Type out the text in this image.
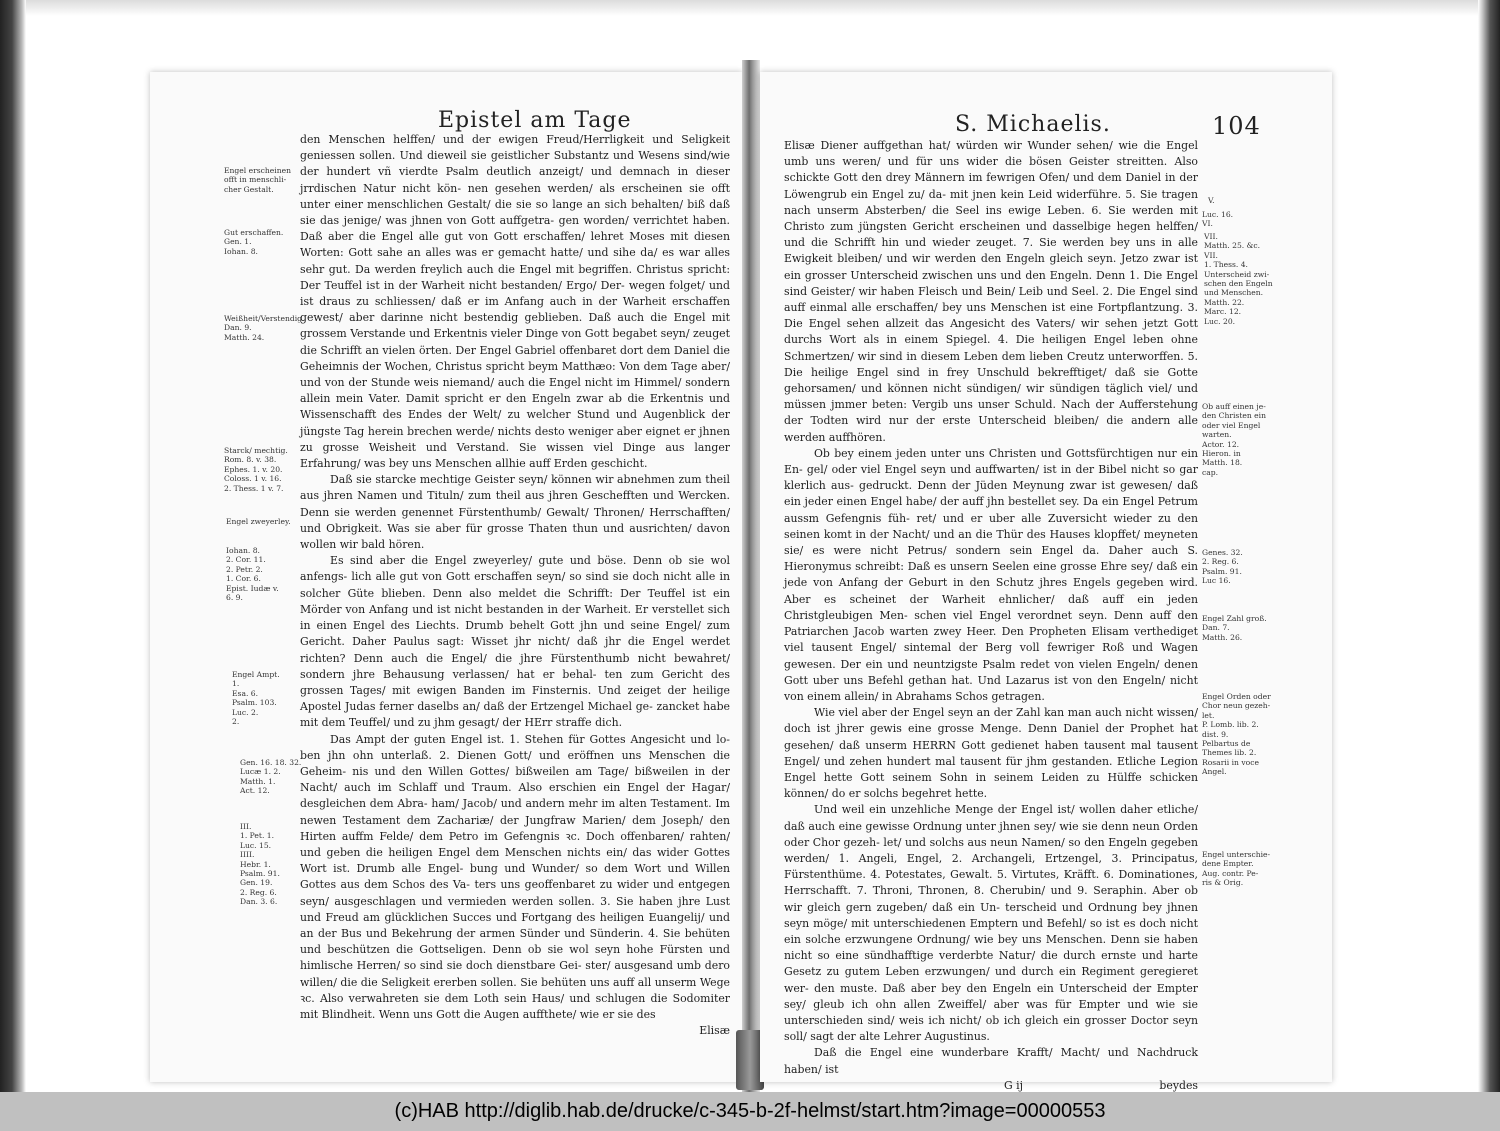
Epistel am Tage

den Menschen helffen/ und der ewigen Freud/Herrligkeit und Seligkeit geniessen sollen. Und dieweil sie geistlicher Substantz und Wesens sind/wie der hundert vñ vierdte Psalm deutlich anzeigt/ und demnach in dieser jrrdischen Natur nicht kön- nen gesehen werden/ als erscheinen sie offt unter einer menschlichen Gestalt/ die sie so lange an sich behalten/ biß daß sie das jenige/ was jhnen von Gott auffgetra- gen worden/ verrichtet haben. Daß aber die Engel alle gut von Gott erschaffen/ lehret Moses mit diesen Worten: Gott sahe an alles was er gemacht hatte/ und sihe da/ es war alles sehr gut. Da werden freylich auch die Engel mit begriffen. Christus spricht: Der Teuffel ist in der Warheit nicht bestanden/ Ergo/ Der- wegen folget/ und ist draus zu schliessen/ daß er im Anfang auch in der Warheit erschaffen gewest/ aber darinne nicht bestendig geblieben. Daß auch die Engel mit grossem Verstande und Erkentnis vieler Dinge von Gott begabet seyn/ zeuget die Schrifft an vielen örten. Der Engel Gabriel offenbaret dort dem Daniel die Geheimnis der Wochen, Christus spricht beym Matthæo: Von dem Tage aber/ und von der Stunde weis niemand/ auch die Engel nicht im Himmel/ sondern allein mein Vater. Damit spricht er den Engeln zwar ab die Erkentnis und Wissenschafft des Endes der Welt/ zu welcher Stund und Augenblick der jüngste Tag herein brechen werde/ nichts desto weniger aber eignet er jhnen zu grosse Weisheit und Verstand. Sie wissen viel Dinge aus langer Erfahrung/ was bey uns Menschen allhie auff Erden geschicht.

Daß sie starcke mechtige Geister seyn/ können wir abnehmen zum theil aus jhren Namen und Tituln/ zum theil aus jhren Geschefften und Wercken. Denn sie werden genennet Fürstenthumb/ Gewalt/ Thronen/ Herrschafften/ und Obrigkeit. Was sie aber für grosse Thaten thun und ausrichten/ davon wollen wir bald hören.

Es sind aber die Engel zweyerley/ gute und böse. Denn ob sie wol anfengs- lich alle gut von Gott erschaffen seyn/ so sind sie doch nicht alle in solcher Güte blieben. Denn also meldet die Schrifft: Der Teuffel ist ein Mörder von Anfang und ist nicht bestanden in der Warheit. Er verstellet sich in einen Engel des Liechts. Drumb behelt Gott jhn und seine Engel/ zum Gericht. Daher Paulus sagt: Wisset jhr nicht/ daß jhr die Engel werdet richten? Denn auch die Engel/ die jhre Fürstenthumb nicht bewahret/ sondern jhre Behausung verlassen/ hat er behal- ten zum Gericht des grossen Tages/ mit ewigen Banden im Finsternis. Und zeiget der heilige Apostel Judas ferner daselbs an/ daß der Ertzengel Michael ge- zancket habe mit dem Teuffel/ und zu jhm gesagt/ der HErr straffe dich.

Das Ampt der guten Engel ist. 1. Stehen für Gottes Angesicht und lo- ben jhn ohn unterlaß. 2. Dienen Gott/ und eröffnen uns Menschen die Geheim- nis und den Willen Gottes/ bißweilen am Tage/ bißweilen in der Nacht/ auch im Schlaff und Traum. Also erschien ein Engel der Hagar/ desgleichen dem Abra- ham/ Jacob/ und andern mehr im alten Testament. Im newen Testament dem Zachariæ/ der Jungfraw Marien/ dem Joseph/ den Hirten auffm Felde/ dem Petro im Gefengnis ꝛc. Doch offenbaren/ rahten/ und geben die heiligen Engel dem Menschen nichts ein/ das wider Gottes Wort ist. Drumb alle Engel- bung und Wunder/ so dem Wort und Willen Gottes aus dem Schos des Va- ters uns geoffenbaret zu wider und entgegen seyn/ ausgeschlagen und vermieden werden sollen. 3. Sie haben jhre Lust und Freud am glücklichen Succes und Fortgang des heiligen Euangelij/ und an der Bus und Bekehrung der armen Sünder und Sünderin. 4. Sie behüten und beschützen die Gottseligen. Denn ob sie wol seyn hohe Fürsten und himlische Herren/ so sind sie doch dienstbare Gei- ster/ ausgesand umb dero willen/ die die Seligkeit ererben sollen. Sie behüten uns auff all unserm Wege ꝛc. Also verwahreten sie dem Loth sein Haus/ und schlugen die Sodomiter mit Blindheit. Wenn uns Gott die Augen auffthete/ wie er sie des

Elisæ

Engel erscheinen
offt in menschli-
cher Gestalt.
Gut erschaffen.
Gen. 1.
Iohan. 8.
Weißheit/Verstendig.
Dan. 9.
Matth. 24.
Starck/ mechtig.
Rom. 8. v. 38.
Ephes. 1. v. 20.
Coloss. 1 v. 16.
2. Thess. 1 v. 7.
Engel zweyerley.
Iohan. 8.
2. Cor. 11.
2. Petr. 2.
1. Cor. 6.
Epist. Iudæ v.
6. 9.
Engel Ampt.
1.
Esa. 6.
Psalm. 103.
Luc. 2.
2.
Gen. 16. 18. 32.
Lucæ 1. 2.
Matth. 1.
Act. 12.
III.
1. Pet. 1.
Luc. 15.
IIII.
Hebr. 1.
Psalm. 91.
Gen. 19.
2. Reg. 6.
Dan. 3. 6.
S. Michaelis.	104

Elisæ Diener auffgethan hat/ würden wir Wunder sehen/ wie die Engel umb uns weren/ und für uns wider die bösen Geister streitten. Also schickte Gott den drey Männern im fewrigen Ofen/ und dem Daniel in der Löwengrub ein Engel zu/ da- mit jnen kein Leid widerführe. 5. Sie tragen nach unserm Absterben/ die Seel ins ewige Leben. 6. Sie werden mit Christo zum jüngsten Gericht erscheinen und dasselbige hegen helffen/ und die Schrifft hin und wieder zeuget. 7. Sie werden bey uns in alle Ewigkeit bleiben/ und wir werden den Engeln gleich seyn. Jetzo zwar ist ein grosser Unterscheid zwischen uns und den Engeln. Denn 1. Die Engel sind Geister/ wir haben Fleisch und Bein/ Leib und Seel. 2. Die Engel sind auff einmal alle erschaffen/ bey uns Menschen ist eine Fortpflantzung. 3. Die Engel sehen allzeit das Angesicht des Vaters/ wir sehen jetzt Gott durchs Wort als in einem Spiegel. 4. Die heiligen Engel leben ohne Schmertzen/ wir sind in diesem Leben dem lieben Creutz unterworffen. 5. Die heilige Engel sind in frey Unschuld bekrefftiget/ daß sie Gotte gehorsamen/ und können nicht sündigen/ wir sündigen täglich viel/ und müssen jmmer beten: Vergib uns unser Schuld. Nach der Aufferstehung der Todten wird nur der erste Unterscheid bleiben/ die andern alle werden auffhören.

Ob bey einem jeden unter uns Christen und Gottsfürchtigen nur ein En- gel/ oder viel Engel seyn und auffwarten/ ist in der Bibel nicht so gar klerlich aus- gedruckt. Denn der Jüden Meynung zwar ist gewesen/ daß ein jeder einen Engel habe/ der auff jhn bestellet sey. Da ein Engel Petrum aussm Gefengnis füh- ret/ und er uber alle Zuversicht wieder zu den seinen komt in der Nacht/ und an die Thür des Hauses klopffet/ meyneten sie/ es were nicht Petrus/ sondern sein Engel da. Daher auch S. Hieronymus schreibt: Daß es unsern Seelen eine grosse Ehre sey/ daß ein jede von Anfang der Geburt in den Schutz jhres Engels gegeben wird. Aber es scheinet der Warheit ehnlicher/ daß auff ein jeden Christgleubigen Men- schen viel Engel verordnet seyn. Denn auff den Patriarchen Jacob warten zwey Heer. Den Propheten Elisam verthediget viel tausent Engel/ sintemal der Berg voll fewriger Roß und Wagen gewesen. Der ein und neuntzigste Psalm redet von vielen Engeln/ denen Gott uber uns Befehl gethan hat. Und Lazarus ist von den Engeln/ nicht von einem allein/ in Abrahams Schos getragen.

Wie viel aber der Engel seyn an der Zahl kan man auch nicht wissen/ doch ist jhrer gewis eine grosse Menge. Denn Daniel der Prophet hat gesehen/ daß unserm HERRN Gott gedienet haben tausent mal tausent Engel/ und zehen hundert mal tausent für jhm gestanden. Etliche Legion Engel hette Gott seinem Sohn in seinem Leiden zu Hülffe schicken können/ do er solchs begehret hette.

Und weil ein unzehliche Menge der Engel ist/ wollen daher etliche/ daß auch eine gewisse Ordnung unter jhnen sey/ wie sie denn neun Orden oder Chor gezeh- let/ und solchs aus neun Namen/ so den Engeln gegeben werden/ 1. Angeli, Engel, 2. Archangeli, Ertzengel, 3. Principatus, Fürstenthüme. 4. Potestates, Gewalt. 5. Virtutes, Kräfft. 6. Dominationes, Herrschafft. 7. Throni, Thronen, 8. Cherubin/ und 9. Seraphin. Aber ob wir gleich gern zugeben/ daß ein Un- terscheid und Ordnung bey jhnen seyn möge/ mit unterschiedenen Emptern und Befehl/ so ist es doch nicht ein solche erzwungene Ordnung/ wie bey uns Menschen. Denn sie haben nicht so eine sündhafftige verderbte Natur/ die durch ernste und harte Gesetz zu gutem Leben erzwungen/ und durch ein Regiment geregieret wer- den muste. Daß aber bey den Engeln ein Unterscheid der Empter sey/ gleub ich ohn allen Zweiffel/ aber was für Empter und wie sie unterschieden sind/ weis ich nicht/ ob ich gleich ein grosser Doctor seyn soll/ sagt der alte Lehrer Augustinus.

Daß die Engel eine wunderbare Krafft/ Macht/ und Nachdruck haben/ ist

G ij	beydes
V.
Luc. 16.
VI.
VII.
Matth. 25. &c.
VII.
1. Thess. 4.
Unterscheid zwi-
schen den Engeln
und Menschen.
Matth. 22.
Marc. 12.
Luc. 20.
Ob auff einen je-
den Christen ein
oder viel Engel
warten.
Actor. 12.
Hieron. in
Matth. 18.
cap.
Genes. 32.
2. Reg. 6.
Psalm. 91.
Luc 16.
Engel Zahl groß.
Dan. 7.
Matth. 26.
Engel Orden oder
Chor neun gezeh-
let.
P. Lomb. lib. 2.
dist. 9.
Pelbartus de
Themes lib. 2.
Rosarii in voce
Angel.
Engel unterschie-
dene Empter.
Aug. contr. Pe-
ris & Orig.
(c)HAB http://diglib.hab.de/drucke/c-345-b-2f-helmst/start.htm?image=00000553
